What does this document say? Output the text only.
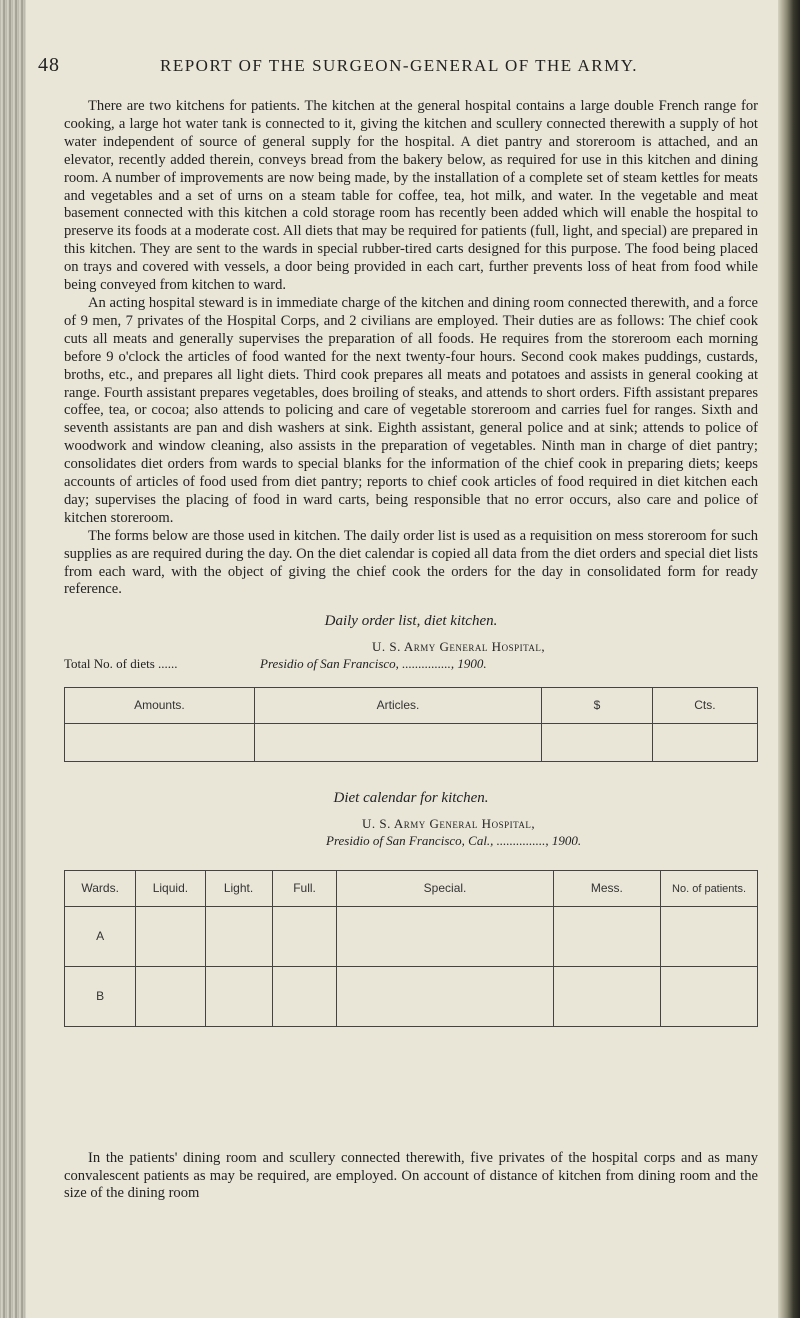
48	REPORT OF THE SURGEON-GENERAL OF THE ARMY.

There are two kitchens for patients. The kitchen at the general hospital contains a large double French range for cooking, a large hot water tank is connected to it, giving the kitchen and scullery connected therewith a supply of hot water independent of source of general supply for the hospital. A diet pantry and storeroom is attached, and an elevator, recently added therein, conveys bread from the bakery below, as required for use in this kitchen and dining room. A number of improvements are now being made, by the installation of a complete set of steam kettles for meats and vegetables and a set of urns on a steam table for coffee, tea, hot milk, and water. In the vegetable and meat basement connected with this kitchen a cold storage room has recently been added which will enable the hospital to preserve its foods at a moderate cost. All diets that may be required for patients (full, light, and special) are prepared in this kitchen. They are sent to the wards in special rubber-tired carts designed for this purpose. The food being placed on trays and covered with vessels, a door being provided in each cart, further prevents loss of heat from food while being conveyed from kitchen to ward.

An acting hospital steward is in immediate charge of the kitchen and dining room connected therewith, and a force of 9 men, 7 privates of the Hospital Corps, and 2 civilians are employed. Their duties are as follows: The chief cook cuts all meats and generally supervises the preparation of all foods. He requires from the storeroom each morning before 9 o'clock the articles of food wanted for the next twenty-four hours. Second cook makes puddings, custards, broths, etc., and prepares all light diets. Third cook prepares all meats and potatoes and assists in general cooking at range. Fourth assistant prepares vegetables, does broiling of steaks, and attends to short orders. Fifth assistant prepares coffee, tea, or cocoa; also attends to policing and care of vegetable storeroom and carries fuel for ranges. Sixth and seventh assistants are pan and dish washers at sink. Eighth assistant, general police and at sink; attends to police of woodwork and window cleaning, also assists in the preparation of vegetables. Ninth man in charge of diet pantry; consolidates diet orders from wards to special blanks for the information of the chief cook in preparing diets; keeps accounts of articles of food used from diet pantry; reports to chief cook articles of food required in diet kitchen each day; supervises the placing of food in ward carts, being responsible that no error occurs, also care and police of kitchen storeroom.

The forms below are those used in kitchen. The daily order list is used as a requisition on mess storeroom for such supplies as are required during the day. On the diet calendar is copied all data from the diet orders and special diet lists from each ward, with the object of giving the chief cook the orders for the day in consolidated form for ready reference.

Daily order list, diet kitchen.
U. S. Army General Hospital,
Total No. of diets ......	Presidio of San Francisco, ..............., 1900.
Amounts.	Articles.	$	Cts.

Diet calendar for kitchen.
U. S. Army General Hospital,
Presidio of San Francisco, Cal., ..............., 1900.
Wards.	Liquid.	Light.	Full.	Special.	Mess.	No. of patients.
A						
B						

In the patients' dining room and scullery connected therewith, five privates of the hospital corps and as many convalescent patients as may be required, are employed. On account of distance of kitchen from dining room and the size of the dining room
